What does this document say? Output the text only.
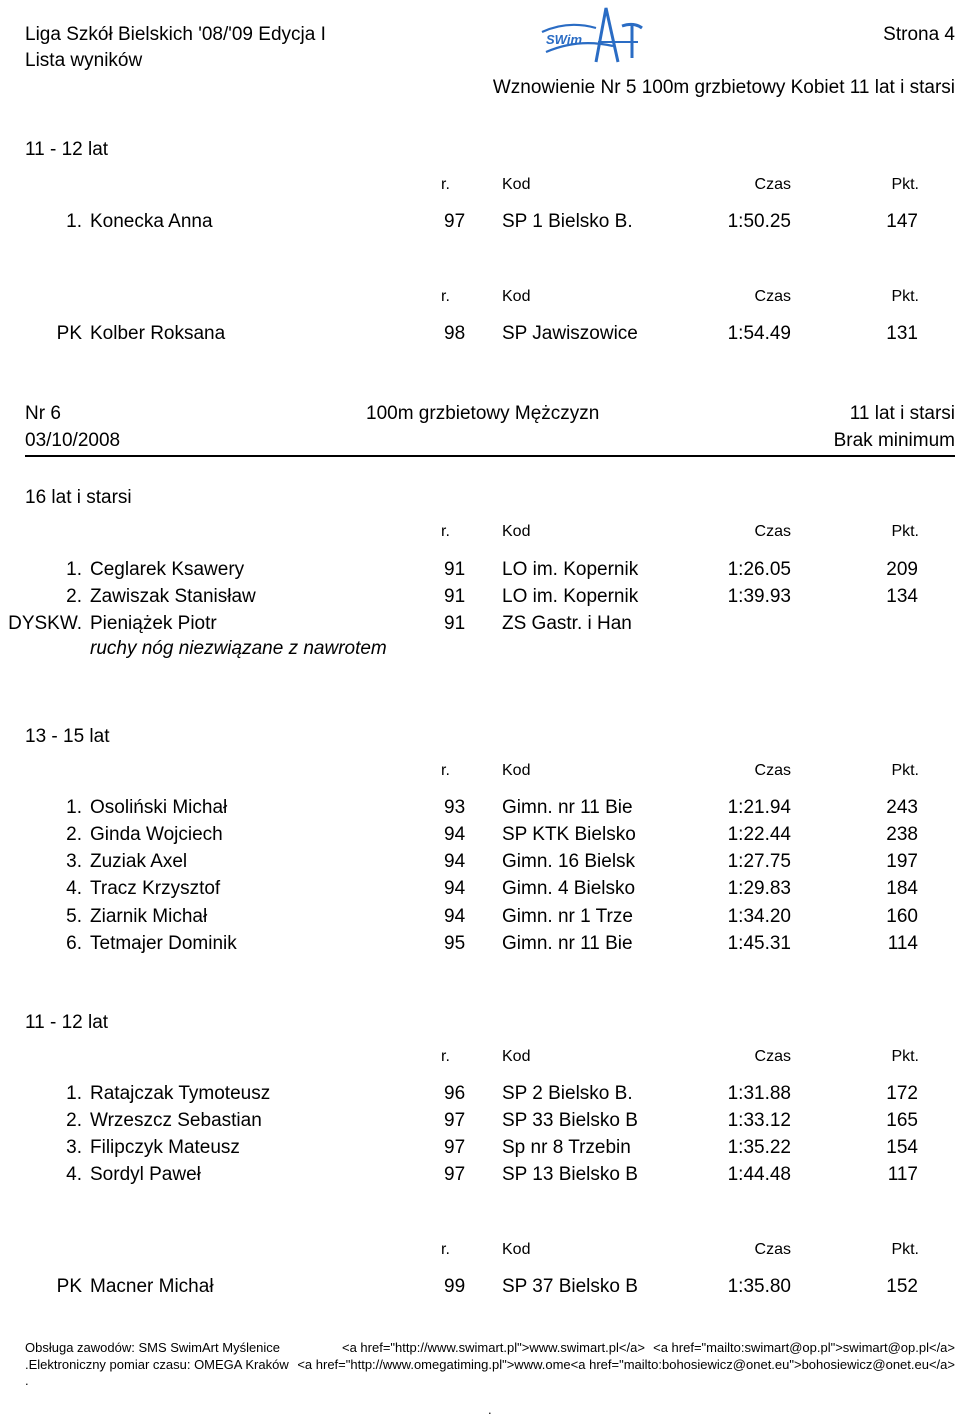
Liga Szkół Bielskich '08/'09 Edycja I
Lista wyników
Strona 4
Wznowienie Nr 5 100m grzbietowy Kobiet 11 lat i starsi
SWim
11 - 12 lat
r.	Kod	Czas	Pkt.
1. Konecka Anna	97 SP 1 Bielsko B.	1:50.25	147
r.	Kod	Czas	Pkt.
PK Kolber Roksana	98 SP Jawiszowice	1:54.49	131
Nr 6	100m grzbietowy Mężczyzn	11 lat i starsi
03/10/2008	Brak minimum
16 lat i starsi
r.	Kod	Czas	Pkt.
1. Ceglarek Ksawery	91 LO im. Kopernik	1:26.05	209
2. Zawiszak Stanisław	91 LO im. Kopernik	1:39.93	134
DYSKW. Pieniążek Piotr	91 ZS Gastr. i Han
ruchy nóg niezwiązane z nawrotem
13 - 15 lat
r.	Kod	Czas	Pkt.
1. Osoliński Michał	93 Gimn. nr 11 Bie	1:21.94	243
2. Ginda Wojciech	94 SP KTK Bielsko	1:22.44	238
3. Zuziak Axel	94 Gimn. 16 Bielsk	1:27.75	197
4. Tracz Krzysztof	94 Gimn. 4 Bielsko	1:29.83	184
5. Ziarnik Michał	94 Gimn. nr 1 Trze	1:34.20	160
6. Tetmajer Dominik	95 Gimn. nr 11 Bie	1:45.31	114
11 - 12 lat
r.	Kod	Czas	Pkt.
1. Ratajczak Tymoteusz	96 SP 2 Bielsko B.	1:31.88	172
2. Wrzeszcz Sebastian	97 SP 33 Bielsko B	1:33.12	165
3. Filipczyk Mateusz	97 Sp nr 8 Trzebin	1:35.22	154
4. Sordyl Paweł	97 SP 13 Bielsko B	1:44.48	117
r.	Kod	Czas	Pkt.
PK Macner Michał	99 SP 37 Bielsko B	1:35.80	152
Obsługa zawodów: SMS SwimArt Myślenice	<a href="http://www.swimart.pl">www.swimart.pl</a> <a href="mailto:swimart@op.pl">swimart@op.pl</a>
.Elektroniczny pomiar czasu: OMEGA Kraków <a href="http://www.omegatiming.pl">www.ome<a href="mailto:bohosiewicz@onet.eu">bohosiewicz@onet.eu</a>
.
.
